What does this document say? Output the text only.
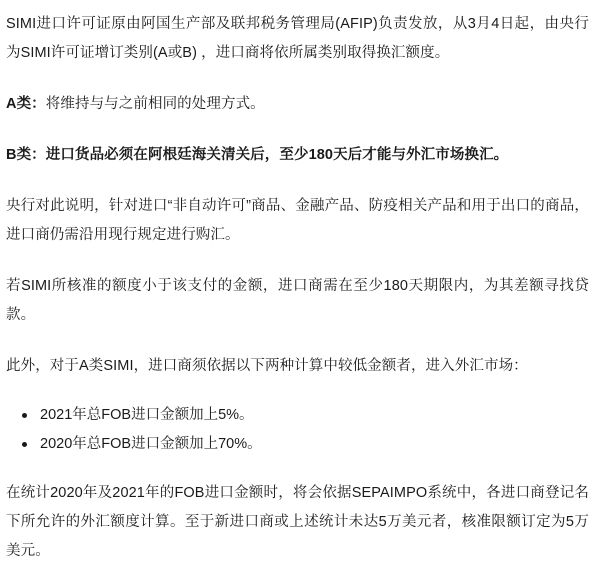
SIMI进口许可证原由阿国生产部及联邦税务管理局(AFIP)负责发放，从3月4日起，由央行为SIMI许可证增订类别(A或B) ，进口商将依所属类别取得换汇额度。

A类：将维持与与之前相同的处理方式。

B类：进口货品必须在阿根廷海关清关后，至少180天后才能与外汇市场换汇。

央行对此说明，针对进口“非自动许可”商品、金融产品、防疫相关产品和用于出口的商品，进口商仍需沿用现行规定进行购汇。

若SIMI所核准的额度小于该支付的金额，进口商需在至少180天期限内，为其差额寻找贷款。

此外，对于A类SIMI，进口商须依据以下两种计算中较低金额者，进入外汇市场：

2021年总FOB进口金额加上5%。
2020年总FOB进口金额加上70%。

在统计2020年及2021年的FOB进口金额时，将会依据SEPAIMPO系统中，各进口商登记名下所允许的外汇额度计算。至于新进口商或上述统计未达5万美元者，核准限额订定为5万美元。
